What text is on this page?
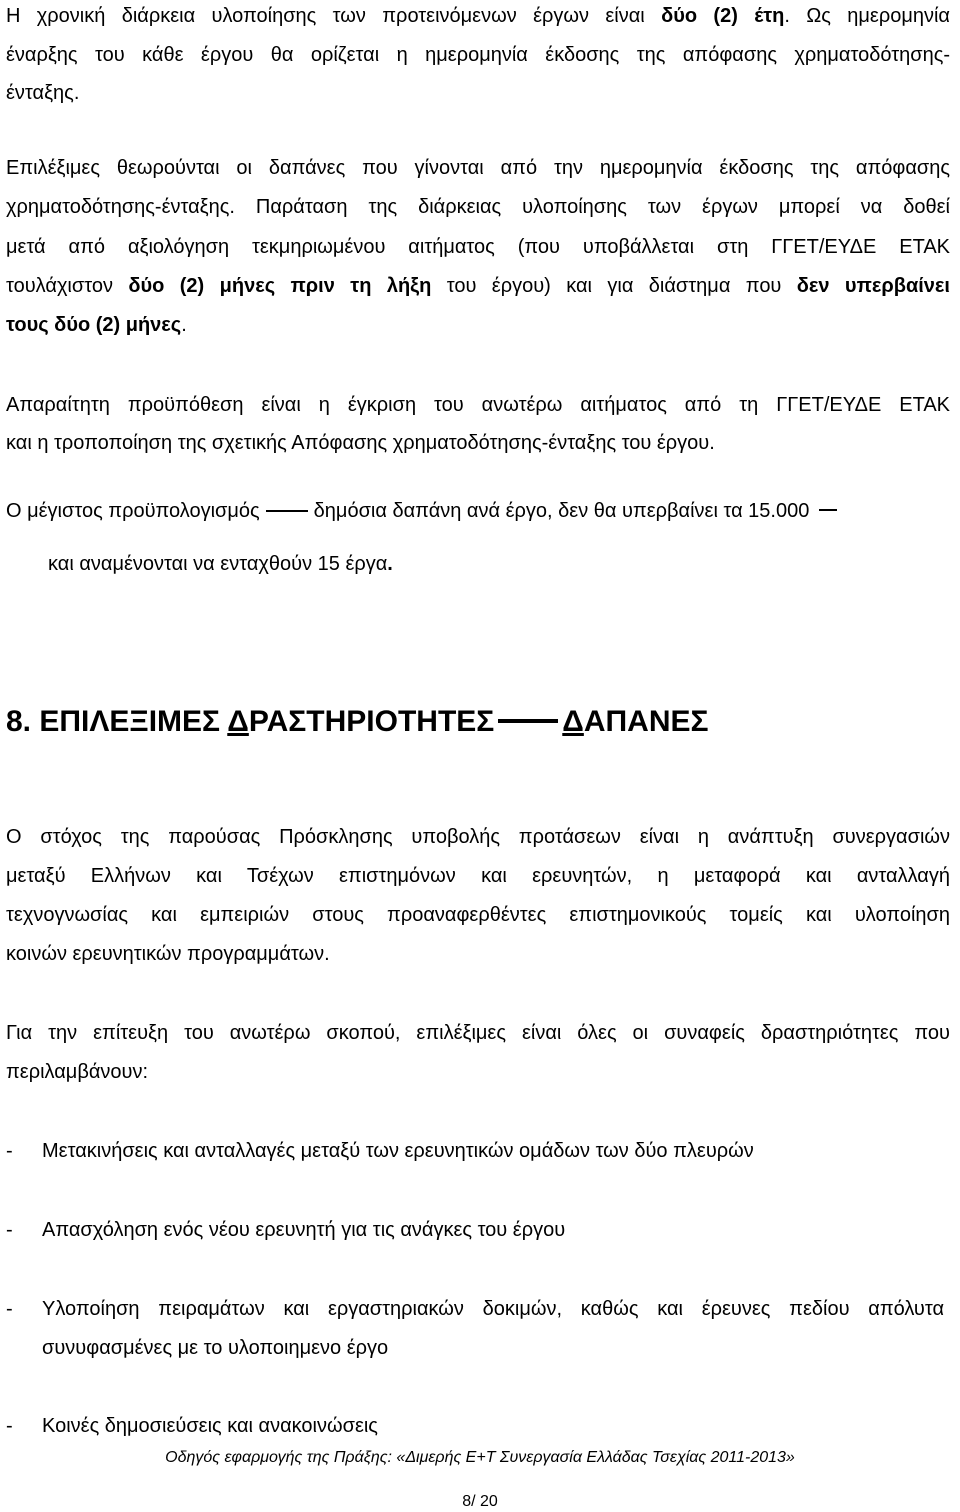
Η χρονική διάρκεια υλοποίησης των προτεινόμενων έργων είναι δύο (2) έτη. Ως ημερομηνία
έναρξης του κάθε έργου θα ορίζεται η ημερομηνία έκδοσης της απόφασης χρηματοδότησης-
ένταξης.
Επιλέξιμες θεωρούνται οι δαπάνες που γίνονται από την ημερομηνία έκδοσης της απόφασης
χρηματοδότησης-ένταξης. Παράταση της διάρκειας υλοποίησης των έργων μπορεί να δοθεί
μετά από αξιολόγηση τεκμηριωμένου αιτήματος (που υποβάλλεται στη ΓΓΕΤ/ΕΥΔΕ ΕΤΑΚ
τουλάχιστον δύο (2) μήνες πριν τη λήξη του έργου) και για διάστημα που δεν υπερβαίνει
τους δύο (2) μήνες.
Απαραίτητη προϋπόθεση είναι η έγκριση του ανωτέρω αιτήματος από τη ΓΓΕΤ/ΕΥΔΕ ΕΤΑΚ
και η τροποποίηση της σχετικής Απόφασης χρηματοδότησης-ένταξης του έργου.
Ο μέγιστος προϋπολογισμός	δημόσια δαπάνη ανά έργο, δεν θα υπερβαίνει τα 15.000
και αναμένονται να ενταχθούν 15 έργα.
8. ΕΠΙΛΕΞΙΜΕΣ ΔΡΑΣΤΗΡΙΟΤΗΤΕΣ ΔΑΠΑΝΕΣ
Ο στόχος της παρούσας Πρόσκλησης υποβολής προτάσεων είναι η ανάπτυξη συνεργασιών
μεταξύ Ελλήνων και Τσέχων επιστημόνων και ερευνητών, η μεταφορά και ανταλλαγή
τεχνογνωσίας και εμπειριών στους προαναφερθέντες επιστημονικούς τομείς και υλοποίηση
κοινών ερευνητικών προγραμμάτων.
Για την επίτευξη του ανωτέρω σκοπού, επιλέξιμες είναι όλες οι συναφείς δραστηριότητες που
περιλαμβάνουν:
- Μετακινήσεις και ανταλλαγές μεταξύ των ερευνητικών ομάδων των δύο πλευρών
- Απασχόληση ενός νέου ερευνητή για τις ανάγκες του έργου
- Υλοποίηση πειραμάτων και εργαστηριακών δοκιμών, καθώς και έρευνες πεδίου απόλυτα
συνυφασμένες με το υλοποιημενο έργο
- Κοινές δημοσιεύσεις και ανακοινώσεις
Οδηγός εφαρμογής της Πράξης: «Διμερής Ε+Τ Συνεργασία Ελλάδας Τσεχίας 2011-2013»
8/ 20
